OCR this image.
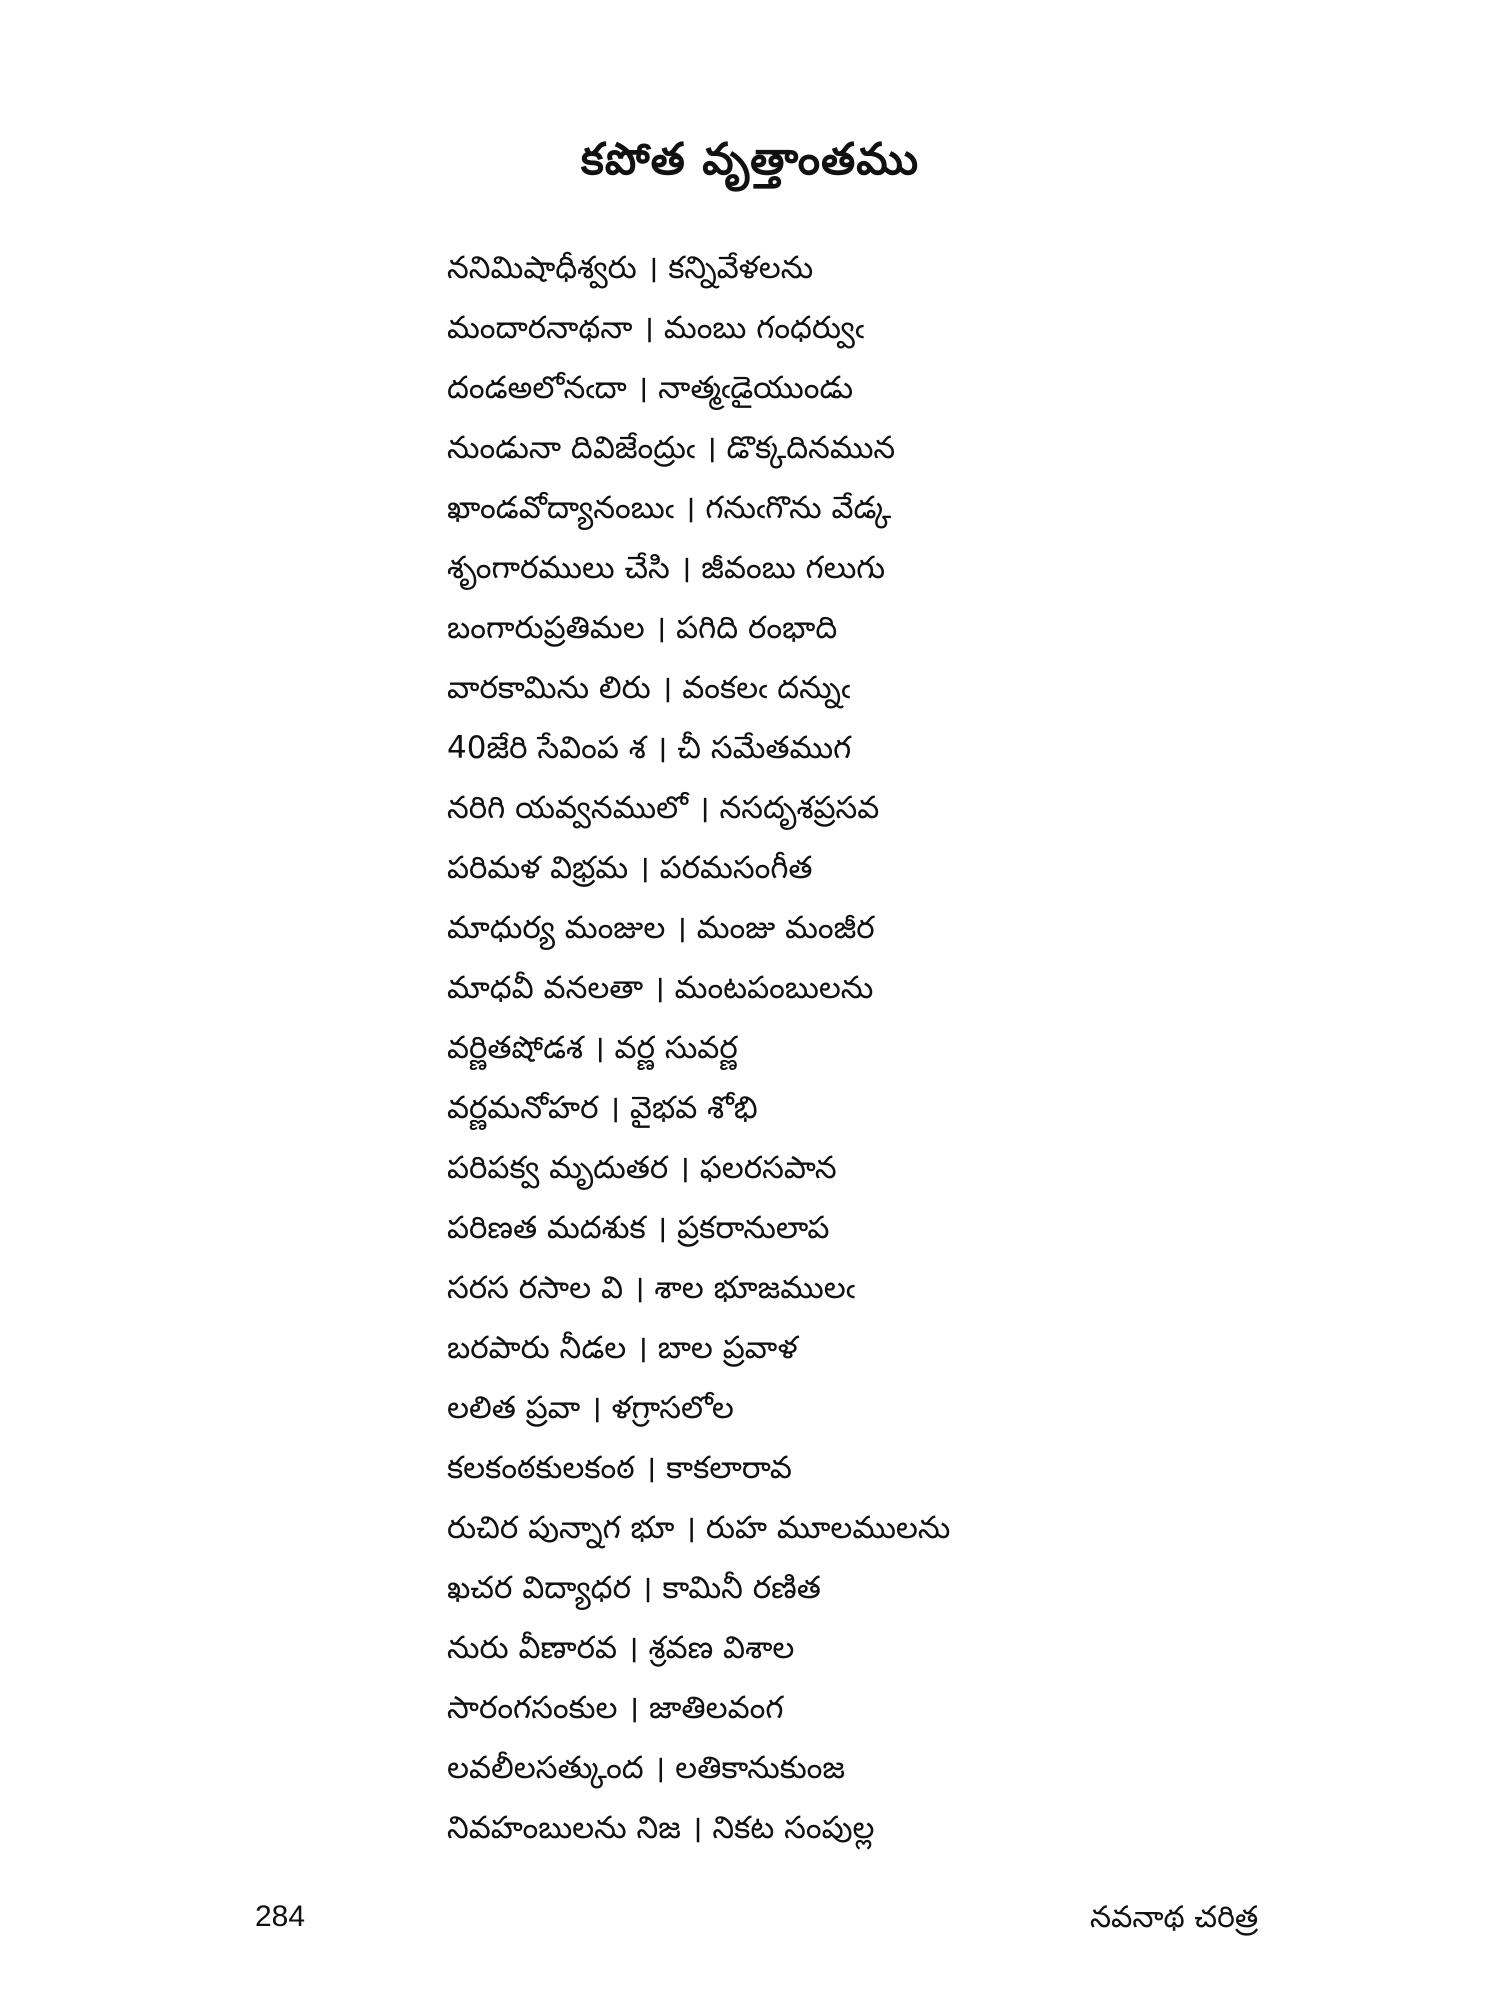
కపోత వృత్తాంతము
ననిమిషాధీశ్వరు । కన్నివేళలను
మందారనాథనా । మంబు గంధర్వుఁ
దండఅలోనఁదా । నాత్మఁడైయుండు
నుండునా దివిజేంద్రుఁ । డొక్కదినమున
ఖాండవోద్యానంబుఁ । గనుఁగొను వేడ్క
శృంగారములు చేసి । జీవంబు గలుగు
బంగారుప్రతిమల । పగిది రంభాది
వారకామిను లిరు । వంకలఁ దన్నుఁ
40జేరి సేవింప శ । చీ సమేతముగ
నరిగి యవ్వనములో । నసదృశప్రసవ
పరిమళ విభ్రమ । పరమసంగీత
మాధుర్య మంజుల । మంజు మంజీర
మాధవీ వనలతా । మంటపంబులను
వర్ణితషోడశ । వర్ణ సువర్ణ
వర్ణమనోహర । వైభవ శోభి
పరిపక్వ మృదుతర । ఫలరసపాన
పరిణత మదశుక । ప్రకరానులాప
సరస రసాల వి । శాల భూజములఁ
బరపారు నీడల । బాల ప్రవాళ
లలిత ప్రవా । ళగ్రాసలోల
కలకంఠకులకంఠ । కాకలారావ
రుచిర పున్నాగ భూ । రుహ మూలములను
ఖచర విద్యాధర । కామినీ రణిత
నురు వీణారవ । శ్రవణ విశాల
సారంగసంకుల । జాతిలవంగ
లవలీలసత్కుంద । లతికానుకుంజ
నివహంబులను నిజ । నికట సంపుల్ల
284	నవనాథ చరిత్ర
